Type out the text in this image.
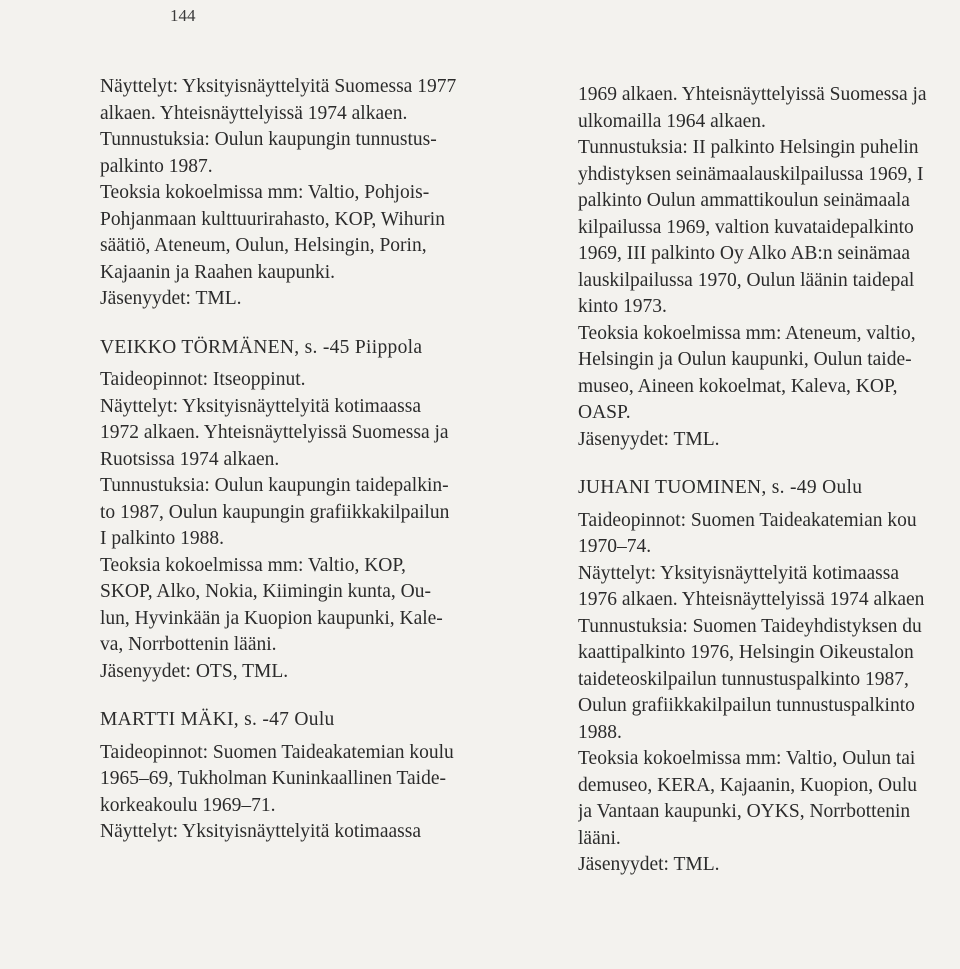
144
Näyttelyt: Yksityisnäyttelyitä Suomessa 1977
alkaen. Yhteisnäyttelyissä 1974 alkaen.
Tunnustuksia: Oulun kaupungin tunnustus-
palkinto 1987.
Teoksia kokoelmissa mm: Valtio, Pohjois-
Pohjanmaan kulttuurirahasto, KOP, Wihurin
säätiö, Ateneum, Oulun, Helsingin, Porin,
Kajaanin ja Raahen kaupunki.
Jäsenyydet: TML.
VEIKKO TÖRMÄNEN, s. -45 Piippola
Taideopinnot: Itseoppinut.
Näyttelyt: Yksityisnäyttelyitä kotimaassa
1972 alkaen. Yhteisnäyttelyissä Suomessa ja
Ruotsissa 1974 alkaen.
Tunnustuksia: Oulun kaupungin taidepalkin-
to 1987, Oulun kaupungin grafiikkakilpailun
I palkinto 1988.
Teoksia kokoelmissa mm: Valtio, KOP,
SKOP, Alko, Nokia, Kiimingin kunta, Ou-
lun, Hyvinkään ja Kuopion kaupunki, Kale-
va, Norrbottenin lääni.
Jäsenyydet: OTS, TML.
MARTTI MÄKI, s. -47 Oulu
Taideopinnot: Suomen Taideakatemian koulu
1965–69, Tukholman Kuninkaallinen Taide-
korkeakoulu 1969–71.
Näyttelyt: Yksityisnäyttelyitä kotimaassa
1969 alkaen. Yhteisnäyttelyissä Suomessa ja
ulkomailla 1964 alkaen.
Tunnustuksia: II palkinto Helsingin puhelin
yhdistyksen seinämaalauskilpailussa 1969, I
palkinto Oulun ammattikoulun seinämaala
kilpailussa 1969, valtion kuvataidepalkinto
1969, III palkinto Oy Alko AB:n seinämaa
lauskilpailussa 1970, Oulun läänin taidepal
kinto 1973.
Teoksia kokoelmissa mm: Ateneum, valtio,
Helsingin ja Oulun kaupunki, Oulun taide-
museo, Aineen kokoelmat, Kaleva, KOP,
OASP.
Jäsenyydet: TML.
JUHANI TUOMINEN, s. -49 Oulu
Taideopinnot: Suomen Taideakatemian kou
1970–74.
Näyttelyt: Yksityisnäyttelyitä kotimaassa
1976 alkaen. Yhteisnäyttelyissä 1974 alkaen
Tunnustuksia: Suomen Taideyhdistyksen du
kaattipalkinto 1976, Helsingin Oikeustalon
taideteoskilpailun tunnustuspalkinto 1987,
Oulun grafiikkakilpailun tunnustuspalkinto
1988.
Teoksia kokoelmissa mm: Valtio, Oulun tai
demuseo, KERA, Kajaanin, Kuopion, Oulu
ja Vantaan kaupunki, OYKS, Norrbottenin
lääni.
Jäsenyydet: TML.
